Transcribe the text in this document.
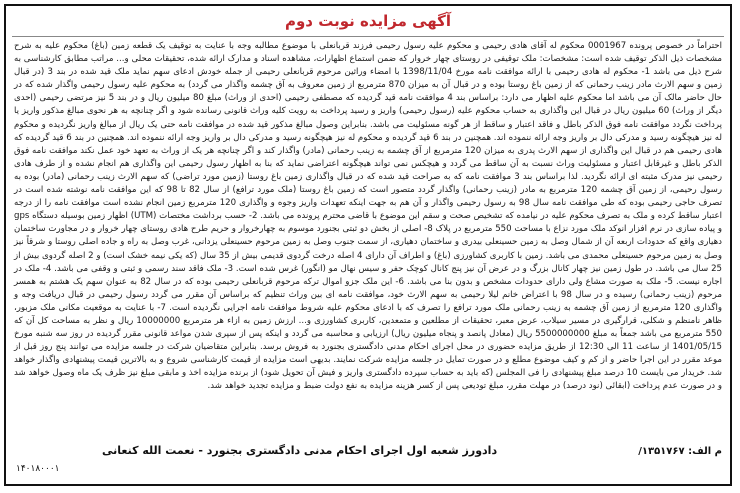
آگهی مزایده نوبت دوم
احتراماً در خصوص پرونده 0001967 محکوم له آقای هادی رحیمی و محکوم علیه رسول رحیمی فرزند قربانعلی با موضوع مطالبه وجه با عنایت به توقیف یک قطعه زمین (باغ) محکوم علیه به شرح مشخصات ذیل الذکر توقیف شده است: مشخصات: ملک توقیفی در روستای چهار خروار که ضمن استماع اظهارات، مشاهده اسناد و مدارک ارائه شده، تحقیقات محلی و... مراتب مطابق کارشناسی به شرح ذیل می باشد 1- محکوم له هادی رحیمی با ارائه موافقت نامه مورخ 1398/11/04 با امضاء وراثین مرحوم قربانعلی رحیمی از جمله خودش ادعای سهم نماید ملک قید شده در بند 3 (در قبال زمین و سهم الارث مادر زینب رحمانی که از زمین باغ روستا بوده و در قبال آن به میزان 870 مترمربع از زمین معروف به آق چشمه واگذار می گردد) به محکوم علیه رسول رحیمی واگذار شده که در حال حاضر مالک آن می باشد اما محکوم علیه اظهار می دارد: براساس بند 4 موافقت نامه قید گردیده که مصطفی رحیمی (احدی از وراث) مبلغ 80 میلیون ریال و در بند 5 نیز مرتضی رحیمی (احدی دیگر از وراث) 60 میلیون ریال در قبال این واگذاری به حساب محکوم علیه (رسول رحیمی) واریز و رسید پرداخت به رویت کلیه وراث قانونی رسانده شود و اگر چنانچه به هر نحوی مبالغ مذکور واریز یا پرداخت نگردد موافقت نامه فوق الذکر باطل و فاقد اعتبار و ساقط از هر گونه مسئولیت می باشد. بنابراین وصول مبالغ مذکور قید شده در موافقت نامه حتی یک ریال از مبالغ واریز نگردیده و محکوم له نیز هیچگونه رسید و مدرکی دال بر واریز وجه ارائه ننموده اند. همچنین در بند 6 قید گردیده و محکوم له نیز هیچگونه رسید و مدرکی دال بر واریز وجه ارائه ننموده اند. همچنین در بند 6 قید گردیده که هادی رحیمی هم در قبال این واگذاری از سهم الارث پدری به میزان 120 مترمربع از آق چشمه به زینب رحمانی (مادر) واگذار کند و اگر چنانچه هر یک از وراث به تعهد خود عمل نکند موافقت نامه فوق الذکر باطل و غیرقابل اعتبار و مسئولیت وراث نسبت به آن ساقط می گردد و هیچکس نمی تواند هیچگونه اعتراضی نماید که بنا به اظهار رسول رحیمی این واگذاری هم انجام نشده و از طرف هادی رحیمی نیز مدرک مثبته ای ارائه نگردید. لذا براساس بند 3 موافقت نامه که به صراحت قید شده که در قبال واگذاری زمین باغ روستا (زمین مورد تراضی) که سهم الارث زینب رحمانی (مادر) بوده به رسول رحیمی، از زمین آق چشمه 120 مترمربع به مادر (زینب رحمانی) واگذار گردد متصور است که زمین باغ روستا (ملک مورد ترافع) از سال 82 تا 98 که این موافقت نامه نوشته شده است در تصرف حاجی رحیمی بوده که طی موافقت نامه سال 98 به رسول رحیمی واگذار و آن هم به جهت اینکه تعهدات واریز وجوه و واگذاری 120 مترمربع زمین انجام نشده است موافقت نامه را از درجه اعتبار ساقط کرده و ملک به تصرف محکوم علیه در نیامده که تشخیص صحت و سقم این موضوع با قاضی محترم پرونده می باشد. 2- حسب برداشت مختصات (UTM) اظهار زمین بوسیله دستگاه gps و پیاده سازی در نرم افزار انوکد ملک مورد نزاع با مساحت 550 مترمربع در پلاک 8- اصلی از بخش دو ثبتی بجنورد موسوم به چهارخروار و حریم طرح هادی روستای چهار خروار و در مجاورت ساختمان دهیاری واقع که حدودات اربعه آن از شمال وصل به زمین حسینعلی بیدری و ساختمان دهیاری، از سمت جنوب وصل به زمین مرحوم حسینعلی یزدانی، غرب وصل به راه و جاده اصلی روستا و شرقاً نیز وصل به زمین مرحوم حسینعلی محمدی می باشد. زمین با کاربری کشاورزی (باغ) و اطراف آن دارای 4 اصله درخت گردوی قدیمی بیش از 35 سال (که یکی نیمه خشک است) و 2 اصله گردوی بیش از 25 سال می باشد. در طول زمین نیز چهار کانال بزرگ و در عرض آن نیز پنج کانال کوچک حفر و سیس نهال مو (انگور) غرس شده است. 3- ملک فاقد سند رسمی و ثبتی و وقفی می باشد. 4- ملک در اجاره نیست. 5- ملک به صورت مشاع ولی دارای حدودات مشخص و بدون بنا می باشد. 6- این ملک جزو اموال ترکه مرحوم قربانعلی رحیمی بوده که در سال 82 به عنوان سهم یک هشتم به همسر مرحوم (زینب رحمانی) رسیده و در سال 98 با اعتراض خانم لیلا رحیمی به سهم الارث خود، موافقت نامه ای بین وراث تنظیم که براساس آن مقرر می گردد رسول رحیمی در قبال دریافت وجه و واگذاری 120 مترمربع از زمین آق چشمه به زینب رحمانی ملک مورد ترافع را تصرف که با ادعای محکوم علیه شروط موافقت نامه اجرایی نگردیده است. 7- با عنایت به موقعیت مکانی ملک مزبور، ظاهر نامنظم و شکلی، قرارگیری در مسیر سیلاب، عرض معبر، تحقیقات از مطلعین و متمعدین، کاربری کشاورزی و... ارزش زمین به ازاء هر مترمربع 10000000 ریال و نظر به مساحت کل آن که 550 مترمربع می باشد جمعاً به مبلغ 5500000000 ریال (معادل پانصد و پنجاه میلیون ریال) ارزیابی و محاسبه می گردد و اینکه پس از سپری شدن مواعد قانونی مقرر گردیده در روز سه شنبه مورخ 1401/05/15 از ساعت 11 الی 12:30 از طریق مزایده حضوری در محل اجرای احکام مدنی دادگستری بجنورد به فروش برسد. بنابراین متقاضیان شرکت در جلسه مزایده می توانند پنج روز قبل از موعد مقرر در این اجرا حاضر و از کم و کیف موضوع مطلع و در صورت تمایل در جلسه مزایده شرکت نمایند. بدیهی است مزایده از قیمت کارشناسی شروع و به بالاترین قیمت پیشنهادی واگذار خواهد شد. خریدار می بایست 10 درصد مبلغ پیشنهادی را فی المجلس (که باید به حساب سپرده دادگستری واریز و فیش آن تحویل شود) از برنده مزایده اخذ و مابقی مبلغ نیز ظرف یک ماه وصول خواهد شد و در صورت عدم پرداخت (ابقائی (نود درصد) در مهلت مقرر، مبلغ تودیعی پس از کسر هزینه مزایده به نفع دولت ضبط و مزایده تجدید خواهد شد.
م الف: ۱۳۵۱۷۶۷/
دادورز شعبه اول اجرای احکام مدنی دادگستری بجنورد - نعمت الله کنعانی
۱۴۰۱۸۰۰۰۱
